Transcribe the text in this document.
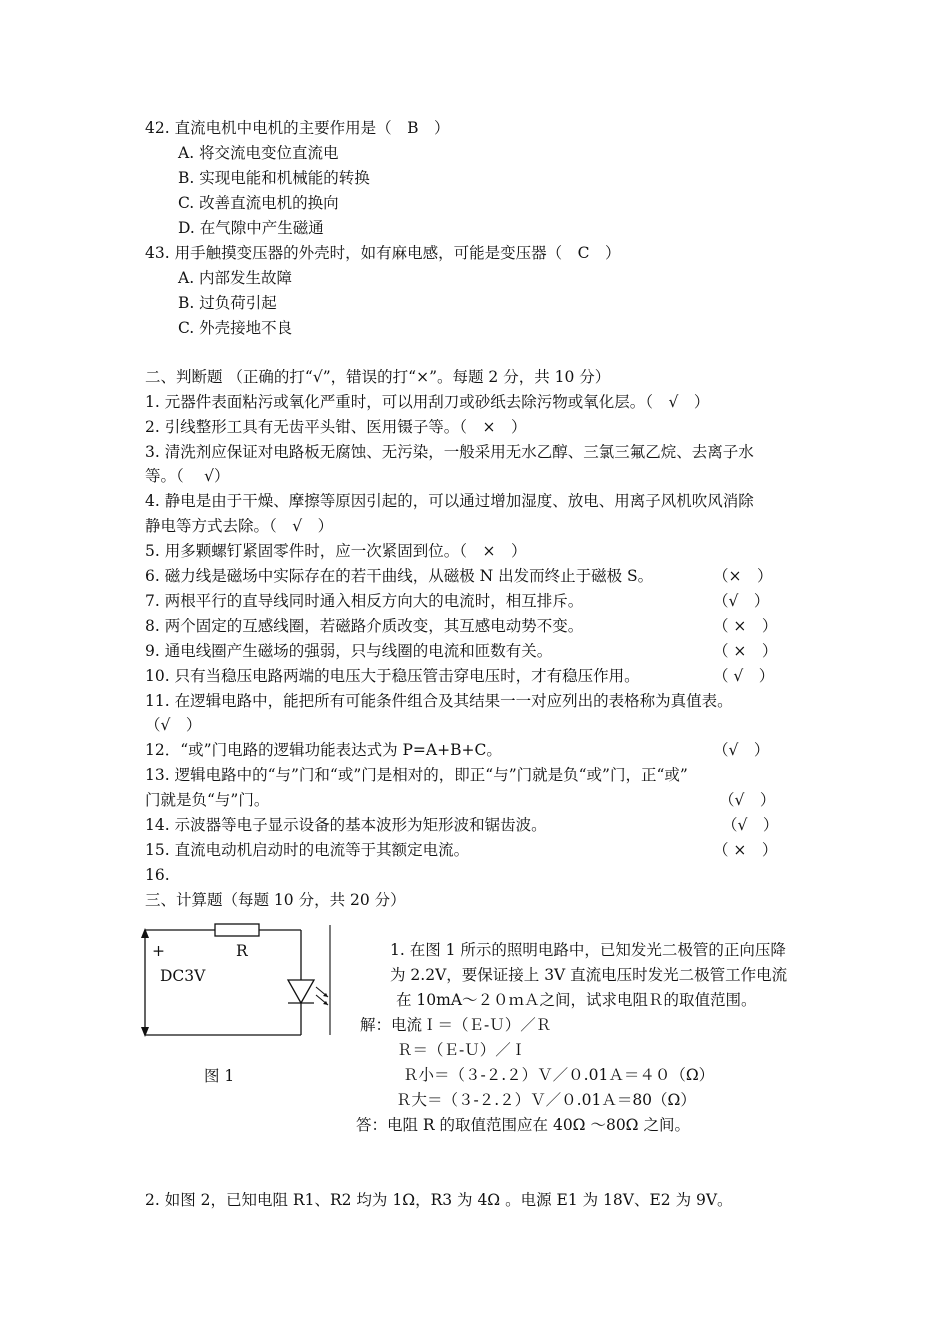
42. 直流电机中电机的主要作用是（　B　）
A. 将交流电变位直流电
B. 实现电能和机械能的转换
C. 改善直流电机的换向
D. 在气隙中产生磁通
43. 用手触摸变压器的外壳时，如有麻电感，可能是变压器（　C　）
A. 内部发生故障
B. 过负荷引起
C. 外壳接地不良
二、判断题 （正确的打“√”，错误的打“×”。每题 2 分，共 10 分）
1. 元器件表面粘污或氧化严重时，可以用刮刀或砂纸去除污物或氧化层。（　√　）
2. 引线整形工具有无齿平头钳、医用镊子等。（　×　）
3. 清洗剂应保证对电路板无腐蚀、无污染，一般采用无水乙醇、三氯三氟乙烷、去离子水
等。（　 √）
4. 静电是由于干燥、摩擦等原因引起的，可以通过增加湿度、放电、用离子风机吹风消除
静电等方式去除。（　√　）
5. 用多颗螺钉紧固零件时，应一次紧固到位。（　×　）
6. 磁力线是磁场中实际存在的若干曲线，从磁极 N 出发而终止于磁极 S。	（×　）
7. 两根平行的直导线同时通入相反方向大的电流时，相互排斥。	（√　）
8. 两个固定的互感线圈，若磁路介质改变，其互感电动势不变。	（ ×　）
9. 通电线圈产生磁场的强弱，只与线圈的电流和匝数有关。	（ ×　）
10. 只有当稳压电路两端的电压大于稳压管击穿电压时，才有稳压作用。	（ √　）
11. 在逻辑电路中，能把所有可能条件组合及其结果一一对应列出的表格称为真值表。
（√　）
12．“或”门电路的逻辑功能表达式为 P=A+B+C。	（√　）
13. 逻辑电路中的“与”门和“或”门是相对的，即正“与”门就是负“或”门，正“或”
门就是负“与”门。	（√　）
14. 示波器等电子显示设备的基本波形为矩形波和锯齿波。	（√　）
15. 直流电动机启动时的电流等于其额定电流。	（ ×　）
16.
三、计算题（每题 10 分，共 20 分）
+	R
DC3V
图 1
1. 在图 1 所示的照明电路中，已知发光二极管的正向压降
为 2.2V，要保证接上 3V 直流电压时发光二极管工作电流
在 10mA～２０ｍＡ之间，试求电阻Ｒ的取值范围。
解：电流Ｉ＝（Ｅ-Ｕ）／Ｒ
Ｒ＝（Ｅ-Ｕ）／Ｉ
Ｒ小＝（３-２.２）Ｖ／０.01Ａ＝４０（Ω）
Ｒ大＝（３-２.２）Ｖ／０.01Ａ＝80（Ω）
答：电阻 R 的取值范围应在 40Ω ～80Ω 之间。
2. 如图 2，已知电阻 R1、R2 均为 1Ω，R3 为 4Ω 。电源 E1 为 18V、E2 为 9V。
